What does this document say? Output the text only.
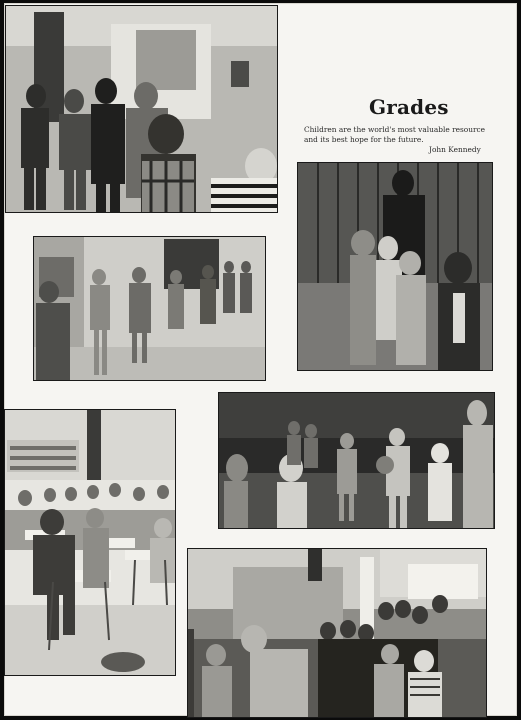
Grades

Children are the world's most valuable resource and its best hope for the future.

John Kennedy
